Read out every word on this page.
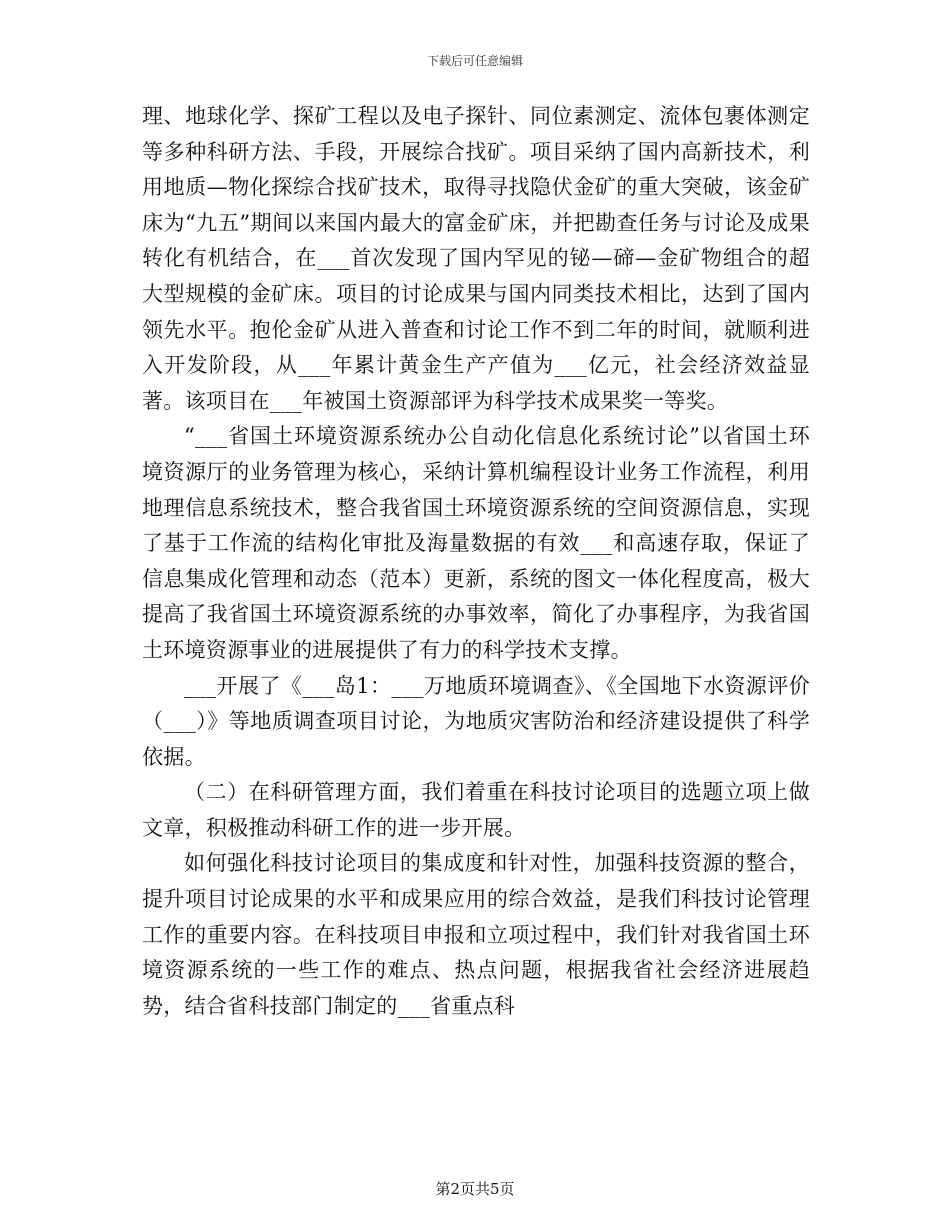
下载后可任意编辑

理、地球化学、探矿工程以及电子探针、同位素测定、流体包裹体测定等多种科研方法、手段，开展综合找矿。项目采纳了国内高新技术，利用地质—物化探综合找矿技术，取得寻找隐伏金矿的重大突破，该金矿床为“九五”期间以来国内最大的富金矿床，并把勘查任务与讨论及成果转化有机结合，在___首次发现了国内罕见的铋—碲—金矿物组合的超大型规模的金矿床。项目的讨论成果与国内同类技术相比，达到了国内领先水平。抱伦金矿从进入普查和讨论工作不到二年的时间，就顺利进入开发阶段，从___年累计黄金生产产值为___亿元，社会经济效益显著。该项目在___年被国土资源部评为科学技术成果奖一等奖。

“___省国土环境资源系统办公自动化信息化系统讨论”以省国土环境资源厅的业务管理为核心，采纳计算机编程设计业务工作流程，利用地理信息系统技术，整合我省国土环境资源系统的空间资源信息，实现了基于工作流的结构化审批及海量数据的有效___和高速存取，保证了信息集成化管理和动态（范本）更新，系统的图文一体化程度高，极大提高了我省国土环境资源系统的办事效率，简化了办事程序，为我省国土环境资源事业的进展提供了有力的科学技术支撑。

___开展了《___岛1：___万地质环境调查》、《全国地下水资源评价（___）》等地质调查项目讨论，为地质灾害防治和经济建设提供了科学依据。

（二）在科研管理方面，我们着重在科技讨论项目的选题立项上做文章，积极推动科研工作的进一步开展。

如何强化科技讨论项目的集成度和针对性，加强科技资源的整合，提升项目讨论成果的水平和成果应用的综合效益，是我们科技讨论管理工作的重要内容。在科技项目申报和立项过程中，我们针对我省国土环境资源系统的一些工作的难点、热点问题，根据我省社会经济进展趋势，结合省科技部门制定的___省重点科

第2页共5页
